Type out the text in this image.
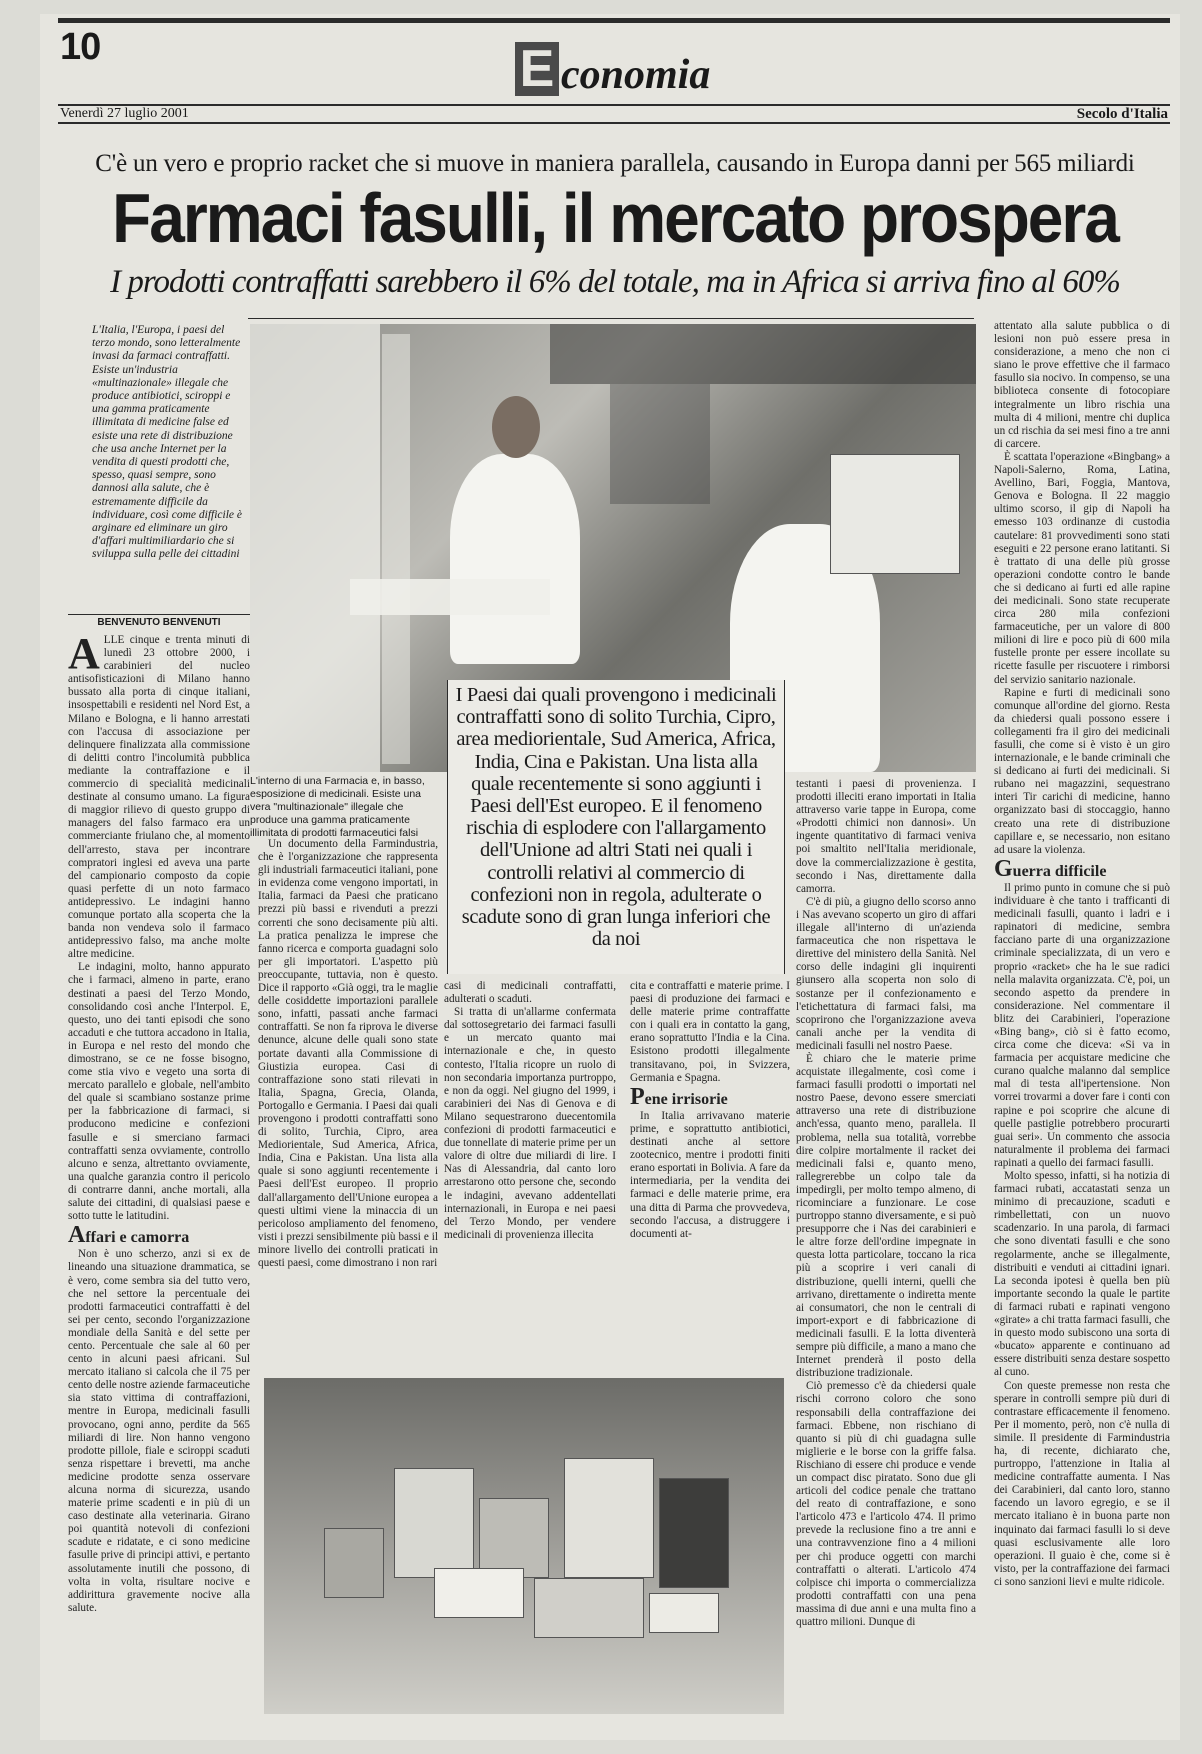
10	E conomia
Venerdì 27 luglio 2001	Secolo d'Italia
C'è un vero e proprio racket che si muove in maniera parallela, causando in Europa danni per 565 miliardi
Farmaci fasulli, il mercato prospera
I prodotti contraffatti sarebbero il 6% del totale, ma in Africa si arriva fino al 60%
L'Italia, l'Europa, i paesi del terzo mondo, sono letteralmente invasi da farmaci contraffatti. Esiste un'industria «multinazionale» illegale che produce antibiotici, sciroppi e una gamma praticamente illimitata di medicine false ed esiste una rete di distribuzione che usa anche Internet per la vendita di questi prodotti che, spesso, quasi sempre, sono dannosi alla salute, che è estremamente difficile da individuare, così come difficile è arginare ed eliminare un giro d'affari multimiliardario che si sviluppa sulla pelle dei cittadini
L'interno di una Farmacia e, in basso, esposizione di medicinali. Esiste una vera "multinazionale" illegale che produce una gamma praticamente illimitata di prodotti farmaceutici falsi
BENVENUTO BENVENUTI
A LLE cinque e trenta minuti di lunedì 23 ottobre 2000, i carabinieri del nucleo antisofisticazioni di Milano hanno bussato alla porta di cinque italiani, insospettabili e residenti nel Nord Est, a Milano e Bologna, e li hanno arrestati con l'accusa di associazione per delinquere finalizzata alla commissione di delitti contro l'incolumità pubblica mediante la contraffazione e il commercio di specialità medicinali destinate al consumo umano. La figura di maggior rilievo di questo gruppo di managers del falso farmaco era un commerciante friulano che, al momento dell'arresto, stava per incontrare compratori inglesi ed aveva una parte del campionario composto da copie quasi perfette di un noto farmaco antidepressivo. Le indagini hanno comunque portato alla scoperta che la banda non vendeva solo il farmaco antidepressivo falso, ma anche molte altre medicine.

Le indagini, molto, hanno appurato che i farmaci, almeno in parte, erano destinati a paesi del Terzo Mondo, consolidando così anche l'Interpol. E, questo, uno dei tanti episodi che sono accaduti e che tuttora accadono in Italia, in Europa e nel resto del mondo che dimostrano, se ce ne fosse bisogno, come stia vivo e vegeto una sorta di mercato parallelo e globale, nell'ambito del quale si scambiano sostanze prime per la fabbricazione di farmaci, si producono medicine e confezioni fasulle e si smerciano farmaci contraffatti senza ovviamente, controllo alcuno e senza, altrettanto ovviamente, una qualche garanzia contro il pericolo di contrarre danni, anche mortali, alla salute dei cittadini, di qualsiasi paese e sotto tutte le latitudini.

Affari e camorra

Non è uno scherzo, anzi si ex de lineando una situazione drammatica, se è vero, come sembra sia del tutto vero, che nel settore la percentuale dei prodotti farmaceutici contraffatti è del sei per cento, secondo l'organizzazione mondiale della Sanità e del sette per cento. Percentuale che sale al 60 per cento in alcuni paesi africani. Sul mercato italiano si calcola che il 75 per cento delle nostre aziende farmaceutiche sia stato vittima di contraffazioni, mentre in Europa, medicinali fasulli provocano, ogni anno, perdite da 565 miliardi di lire. Non hanno vengono prodotte pillole, fiale e sciroppi scaduti senza rispettare i brevetti, ma anche medicine prodotte senza osservare alcuna norma di sicurezza, usando materie prime scadenti e in più di un caso destinate alla veterinaria. Girano poi quantità notevoli di confezioni scadute e ridatate, e ci sono medicine fasulle prive di principi attivi, e pertanto assolutamente inutili che possono, di volta in volta, risultare nocive e addirittura gravemente nocive alla salute.

Un documento della Farmindustria, che è l'organizzazione che rappresenta gli industriali farmaceutici italiani, pone in evidenza come vengono importati, in Italia, farmaci da Paesi che praticano prezzi più bassi e rivenduti a prezzi correnti che sono decisamente più alti. La pratica penalizza le imprese che fanno ricerca e comporta guadagni solo per gli importatori. L'aspetto più preoccupante, tuttavia, non è questo. Dice il rapporto «Già oggi, tra le maglie delle cosiddette importazioni parallele sono, infatti, passati anche farmaci contraffatti. Se non fa riprova le diverse denunce, alcune delle quali sono state portate davanti alla Commissione di Giustizia europea. Casi di contraffazione sono stati rilevati in Italia, Spagna, Grecia, Olanda, Portogallo e Germania. I Paesi dai quali provengono i prodotti contraffatti sono di solito, Turchia, Cipro, area Mediorientale, Sud America, Africa, India, Cina e Pakistan. Una lista alla quale si sono aggiunti recentemente i Paesi dell'Est europeo. Il proprio dall'allargamento dell'Unione europea a questi ultimi viene la minaccia di un pericoloso ampliamento del fenomeno, visti i prezzi sensibilmente più bassi e il minore livello dei controlli praticati in questi paesi, come dimostrano i non rari

I Paesi dai quali provengono i medicinali contraffatti sono di solito Turchia, Cipro, area mediorientale, Sud America, Africa, India, Cina e Pakistan. Una lista alla quale recentemente si sono aggiunti i Paesi dell'Est europeo. E il fenomeno rischia di esplodere con l'allargamento dell'Unione ad altri Stati nei quali i controlli relativi al commercio di confezioni non in regola, adulterate o scadute sono di gran lunga inferiori che da noi
casi di medicinali contraffatti, adulterati o scaduti.

Si tratta di un'allarme confermata dal sottosegretario dei farmaci fasulli e un mercato quanto mai internazionale e che, in questo contesto, l'Italia ricopre un ruolo di non secondaria importanza purtroppo, e non da oggi. Nel giugno del 1999, i carabinieri dei Nas di Genova e di Milano sequestrarono duecentomila confezioni di prodotti farmaceutici e due tonnellate di materie prime per un valore di oltre due miliardi di lire. I Nas di Alessandria, dal canto loro arrestarono otto persone che, secondo le indagini, avevano addentellati internazionali, in Europa e nei paesi del Terzo Mondo, per vendere medicinali di provenienza illecita

cita e contraffatti e materie prime. I paesi di produzione dei farmaci e delle materie prime contraffatte con i quali era in contatto la gang, erano soprattutto l'India e la Cina. Esistono prodotti illegalmente transitavano, poi, in Svizzera, Germania e Spagna.
Pene irrisorie

In Italia arrivavano materie prime, e soprattutto antibiotici, destinati anche al settore zootecnico, mentre i prodotti finiti erano esportati in Bolivia. A fare da intermediaria, per la vendita dei farmaci e delle materie prime, era una ditta di Parma che provvedeva, secondo l'accusa, a distruggere i documenti at-

testanti i paesi di provenienza. I prodotti illeciti erano importati in Italia attraverso varie tappe in Europa, come «Prodotti chimici non dannosi». Un ingente quantitativo di farmaci veniva poi smaltito nell'Italia meridionale, dove la commercializzazione è gestita, secondo i Nas, direttamente dalla camorra.

C'è di più, a giugno dello scorso anno i Nas avevano scoperto un giro di affari illegale all'interno di un'azienda farmaceutica che non rispettava le direttive del ministero della Sanità. Nel corso delle indagini gli inquirenti giunsero alla scoperta non solo di sostanze per il confezionamento e l'etichettatura di farmaci falsi, ma scoprirono che l'organizzazione aveva canali anche per la vendita di medicinali fasulli nel nostro Paese.

È chiaro che le materie prime acquistate illegalmente, così come i farmaci fasulli prodotti o importati nel nostro Paese, devono essere smerciati attraverso una rete di distribuzione anch'essa, quanto meno, parallela. Il problema, nella sua totalità, vorrebbe dire colpire mortalmente il racket dei medicinali falsi e, quanto meno, rallegrerebbe un colpo tale da impedirgli, per molto tempo almeno, di ricominciare a funzionare. Le cose purtroppo stanno diversamente, e si può presupporre che i Nas dei carabinieri e le altre forze dell'ordine impegnate in questa lotta particolare, toccano la rica più a scoprire i veri canali di distribuzione, quelli interni, quelli che arrivano, direttamente o indiretta mente ai consumatori, che non le centrali di import-export e di fabbricazione di medicinali fasulli. E la lotta diventerà sempre più difficile, a mano a mano che Internet prenderà il posto della distribuzione tradizionale.

Ciò premesso c'è da chiedersi quale rischi corrono coloro che sono responsabili della contraffazione dei farmaci. Ebbene, non rischiano di quanto si più di chi guadagna sulle miglierie e le borse con la griffe falsa. Rischiano di essere chi produce e vende un compact disc piratato. Sono due gli articoli del codice penale che trattano del reato di contraffazione, e sono l'articolo 473 e l'articolo 474. Il primo prevede la reclusione fino a tre anni e una contravvenzione fino a 4 milioni per chi produce oggetti con marchi contraffatti o alterati. L'articolo 474 colpisce chi importa o commercializza prodotti contraffatti con una pena massima di due anni e una multa fino a quattro milioni. Dunque di

attentato alla salute pubblica o di lesioni non può essere presa in considerazione, a meno che non ci siano le prove effettive che il farmaco fasullo sia nocivo. In compenso, se una biblioteca consente di fotocopiare integralmente un libro rischia una multa di 4 milioni, mentre chi duplica un cd rischia da sei mesi fino a tre anni di carcere.

È scattata l'operazione «Bingbang» a Napoli-Salerno, Roma, Latina, Avellino, Bari, Foggia, Mantova, Genova e Bologna. Il 22 maggio ultimo scorso, il gip di Napoli ha emesso 103 ordinanze di custodia cautelare: 81 provvedimenti sono stati eseguiti e 22 persone erano latitanti. Si è trattato di una delle più grosse operazioni condotte contro le bande che si dedicano ai furti ed alle rapine dei medicinali. Sono state recuperate circa 280 mila confezioni farmaceutiche, per un valore di 800 milioni di lire e poco più di 600 mila fustelle pronte per essere incollate su ricette fasulle per riscuotere i rimborsi del servizio sanitario nazionale.

Rapine e furti di medicinali sono comunque all'ordine del giorno. Resta da chiedersi quali possono essere i collegamenti fra il giro dei medicinali fasulli, che come si è visto è un giro internazionale, e le bande criminali che si dedicano ai furti dei medicinali. Si rubano nei magazzini, sequestrano interi Tir carichi di medicine, hanno organizzato basi di stoccaggio, hanno creato una rete di distribuzione capillare e, se necessario, non esitano ad usare la violenza.

Guerra difficile

Il primo punto in comune che si può individuare è che tanto i trafficanti di medicinali fasulli, quanto i ladri e i rapinatori di medicine, sembra facciano parte di una organizzazione criminale specializzata, di un vero e proprio «racket» che ha le sue radici nella malavita organizzata. C'è, poi, un secondo aspetto da prendere in considerazione. Nel commentare il blitz dei Carabinieri, l'operazione «Bing bang», ciò si è fatto ecomo, circa come che diceva: «Si va in farmacia per acquistare medicine che curano qualche malanno dal semplice mal di testa all'ipertensione. Non vorrei trovarmi a dover fare i conti con rapine e poi scoprire che alcune di quelle pastiglie potrebbero procurarti guai seri». Un commento che associa naturalmente il problema dei farmaci rapinati a quello dei farmaci fasulli.

Molto spesso, infatti, si ha notizia di farmaci rubati, accatastati senza un minimo di precauzione, scaduti e rimbellettati, con un nuovo scadenzario. In una parola, di farmaci che sono diventati fasulli e che sono regolarmente, anche se illegalmente, distribuiti e venduti ai cittadini ignari. La seconda ipotesi è quella ben più importante secondo la quale le partite di farmaci rubati e rapinati vengono «girate» a chi tratta farmaci fasulli, che in questo modo subiscono una sorta di «bucato» apparente e continuano ad essere distribuiti senza destare sospetto al cuno.

Con queste premesse non resta che sperare in controlli sempre più duri di contrastare efficacemente il fenomeno. Per il momento, però, non c'è nulla di simile. Il presidente di Farmindustria ha, di recente, dichiarato che, purtroppo, l'attenzione in Italia al medicine contraffatte aumenta. I Nas dei Carabinieri, dal canto loro, stanno facendo un lavoro egregio, e se il mercato italiano è in buona parte non inquinato dai farmaci fasulli lo si deve quasi esclusivamente alle loro operazioni. Il guaio è che, come si è visto, per la contraffazione dei farmaci ci sono sanzioni lievi e multe ridicole.
